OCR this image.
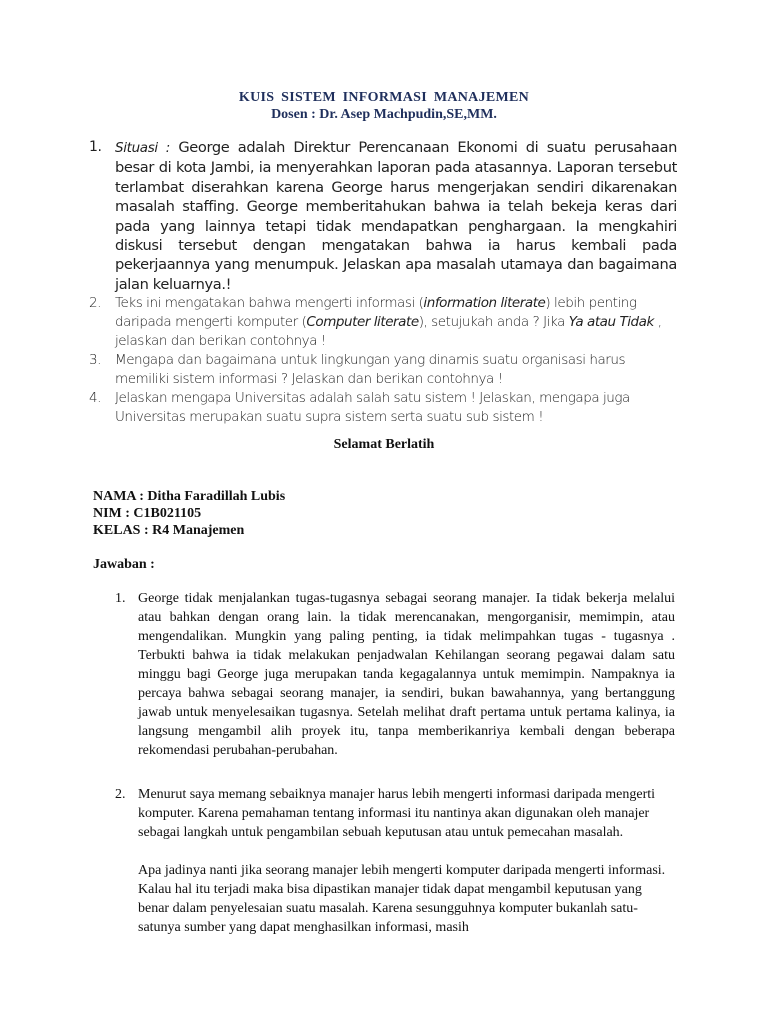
KUIS SISTEM INFORMASI MANAJEMEN
Dosen : Dr. Asep Machpudin,SE,MM.
1. Situasi : George adalah Direktur Perencanaan Ekonomi di suatu perusahaan besar di kota Jambi, ia menyerahkan laporan pada atasannya. Laporan tersebut terlambat diserahkan karena George harus mengerjakan sendiri dikarenakan masalah staffing. George memberitahukan bahwa ia telah bekeja keras dari pada yang lainnya tetapi tidak mendapatkan penghargaan. Ia mengkahiri diskusi tersebut dengan mengatakan bahwa ia harus kembali pada pekerjaannya yang menumpuk. Jelaskan apa masalah utamaya dan bagaimana jalan keluarnya.!
2. Teks ini mengatakan bahwa mengerti informasi (information literate) lebih penting daripada mengerti komputer (Computer literate), setujukah anda ? Jika Ya atau Tidak , jelaskan dan berikan contohnya !
3. Mengapa dan bagaimana untuk lingkungan yang dinamis suatu organisasi harus memiliki sistem informasi ? Jelaskan dan berikan contohnya !
4. Jelaskan mengapa Universitas adalah salah satu sistem ! Jelaskan, mengapa juga Universitas merupakan suatu supra sistem serta suatu sub sistem !
Selamat Berlatih
NAMA : Ditha Faradillah Lubis
NIM : C1B021105
KELAS : R4 Manajemen
Jawaban :
1. George tidak menjalankan tugas-tugasnya sebagai seorang manajer. Ia tidak bekerja melalui atau bahkan dengan orang lain. la tidak merencanakan, mengorganisir, memimpin, atau mengendalikan. Mungkin yang paling penting, ia tidak melimpahkan tugas - tugasnya . Terbukti bahwa ia tidak melakukan penjadwalan Kehilangan seorang pegawai dalam satu minggu bagi George juga merupakan tanda kegagalannya untuk memimpin. Nampaknya ia percaya bahwa sebagai seorang manajer, ia sendiri, bukan bawahannya, yang bertanggung jawab untuk menyelesaikan tugasnya. Setelah melihat draft pertama untuk pertama kalinya, ia langsung mengambil alih proyek itu, tanpa memberikanriya kembali dengan beberapa rekomendasi perubahan-perubahan.
2. Menurut saya memang sebaiknya manajer harus lebih mengerti informasi daripada mengerti komputer. Karena pemahaman tentang informasi itu nantinya akan digunakan oleh manajer sebagai langkah untuk pengambilan sebuah keputusan atau untuk pemecahan masalah.

Apa jadinya nanti jika seorang manajer lebih mengerti komputer daripada mengerti informasi. Kalau hal itu terjadi maka bisa dipastikan manajer tidak dapat mengambil keputusan yang benar dalam penyelesaian suatu masalah. Karena sesungguhnya komputer bukanlah satu-satunya sumber yang dapat menghasilkan informasi, masih
